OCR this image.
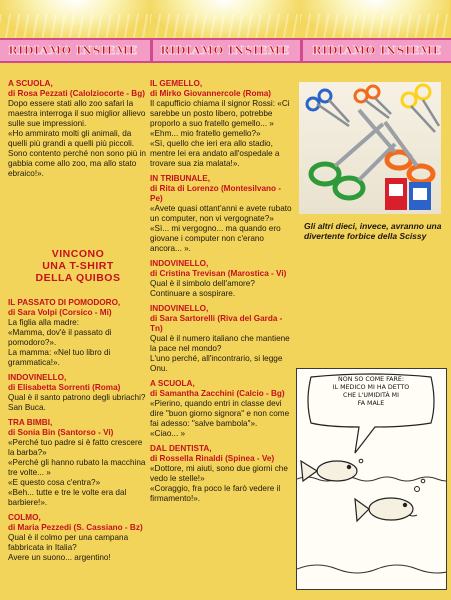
RIDIAMO INSIEME	RIDIAMO INSIEME	RIDIAMO INSIEME
A SCUOLA,
di Rosa Pezzati (Calolziocorte - Bg)
Dopo essere stati allo zoo safari la maestra interroga il suo miglior allievo sulle sue impressioni.
«Ho ammirato molti gli animali, da quelli più grandi a quelli più piccoli. Sono contento perché non sono più in gabbia come allo zoo, ma allo stato ebraico!».
VINCONO
UNA T-SHIRT
DELLA QUIBOS
IL PASSATO DI POMODORO,
di Sara Volpi (Corsico - Mi)
La figlia alla madre:
«Mamma, dov'è il passato di pomodoro?».
La mamma: «Nel tuo libro di grammatica!».
INDOVINELLO,
di Elisabetta Sorrenti (Roma)
Qual è il santo patrono degli ubriachi?
San Buca.
TRA BIMBI,
di Sonia Bin (Santorso - Vi)
«Perché tuo padre si è fatto crescere la barba?»
«Perché gli hanno rubato la macchina tre volte... »
«E questo cosa c'entra?»
«Beh... tutte e tre le volte era dal barbiere!».
COLMO,
di Maria Pezzedi (S. Cassiano - Bz)
Qual è il colmo per una campana fabbricata in Italia?
Avere un suono... argentino!
IL GEMELLO,
di Mirko Giovannercole (Roma)
Il capufficio chiama il signor Rossi: «Ci sarebbe un posto libero, potrebbe proporlo a suo fratello gemello... »
«Ehm... mio fratello gemello?»
«Sì, quello che ieri era allo stadio, mentre lei era andato all'ospedale a trovare sua zia malata!».
IN TRIBUNALE,
di Rita di Lorenzo (Montesilvano - Pe)
«Avete quasi ottant'anni e avete rubato un computer, non vi vergognate?»
«Sì... mi vergogno... ma quando ero giovane i computer non c'erano ancora... ».
INDOVINELLO,
di Cristina Trevisan (Marostica - Vi)
Qual è il simbolo dell'amore?
Continuare a sospirare.
INDOVINELLO,
di Sara Sartorelli (Riva del Garda - Tn)
Qual è il numero italiano che mantiene la pace nel mondo?
L'uno perché, all'incontrario, si legge Onu.
A SCUOLA,
di Samantha Zacchini (Calcio - Bg)
«Pierino, quando entri in classe devi dire "buon giorno signora" e non come fai adesso: "salve bambola"».
«Ciao... »
DAL DENTISTA,
di Rossella Rinaldi (Spinea - Ve)
«Dottore, mi aiuti, sono due giorni che vedo le stelle!»
«Coraggio, fra poco le farò vedere il firmamento!».
Gli altri dieci, invece, avranno una divertente forbice della Scissy
NON SO COME FARE:
IL MEDICO MI HA DETTO
CHE L'UMIDITÀ MI
FA MALE
